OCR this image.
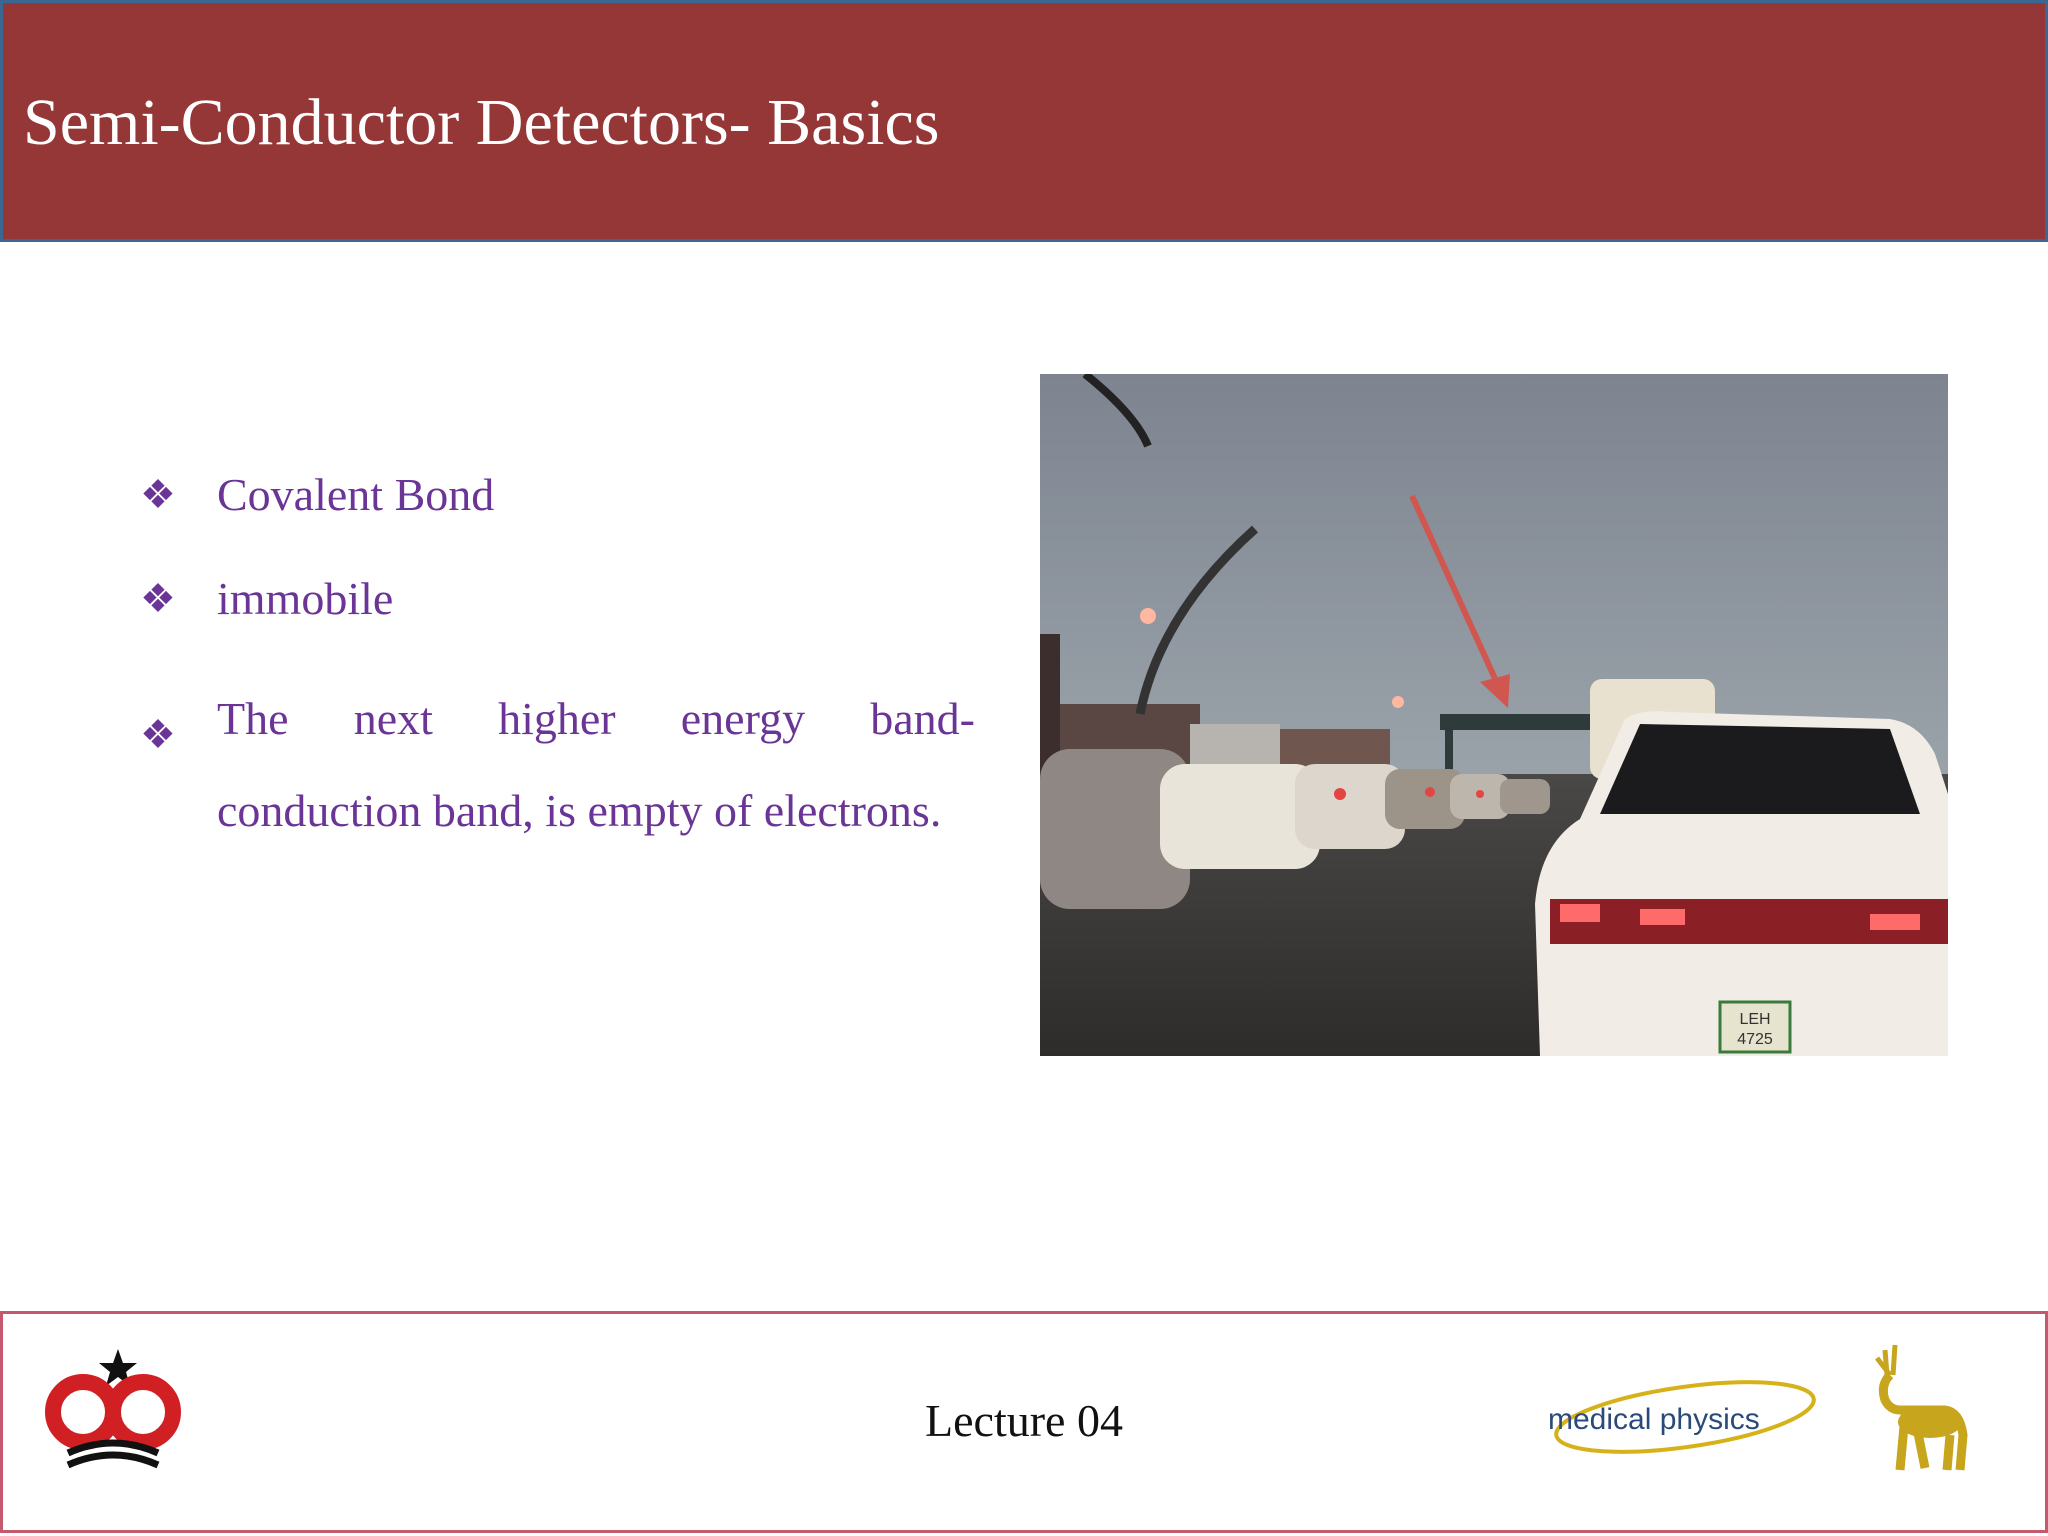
Semi-Conductor Detectors- Basics
❖ Covalent Bond
❖ immobile
❖ The next higher energy band- conduction band, is empty of electrons.
LEH
4725
Lecture 04	medical physics
